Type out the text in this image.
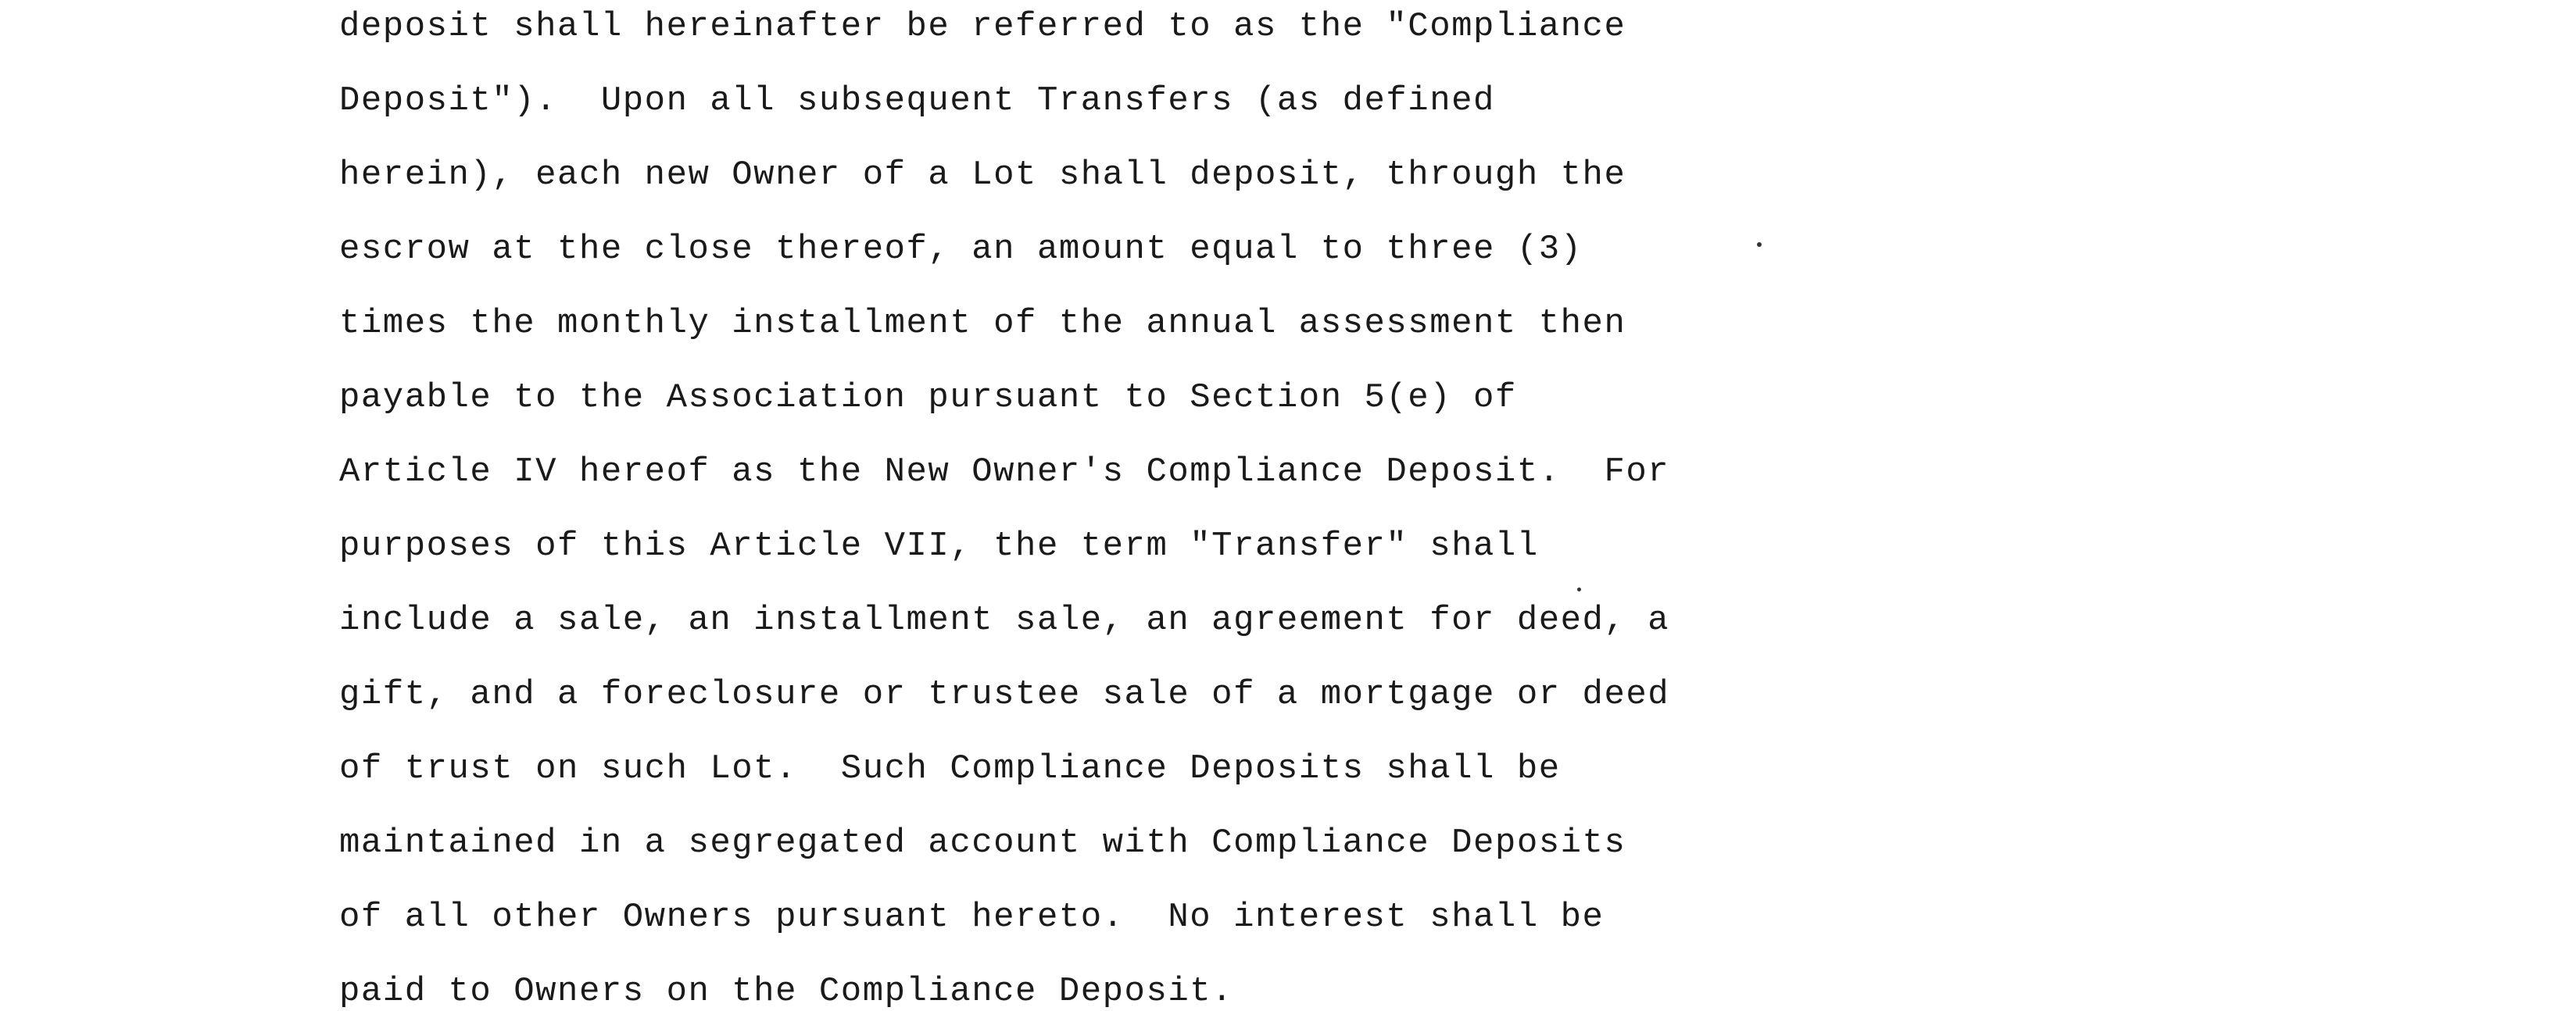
deposit shall hereinafter be referred to as the "Compliance
Deposit").  Upon all subsequent Transfers (as defined
herein), each new Owner of a Lot shall deposit, through the
escrow at the close thereof, an amount equal to three (3)
times the monthly installment of the annual assessment then
payable to the Association pursuant to Section 5(e) of
Article IV hereof as the New Owner's Compliance Deposit.  For
purposes of this Article VII, the term "Transfer" shall
include a sale, an installment sale, an agreement for deed, a
gift, and a foreclosure or trustee sale of a mortgage or deed
of trust on such Lot.  Such Compliance Deposits shall be
maintained in a segregated account with Compliance Deposits
of all other Owners pursuant hereto.  No interest shall be
paid to Owners on the Compliance Deposit.
